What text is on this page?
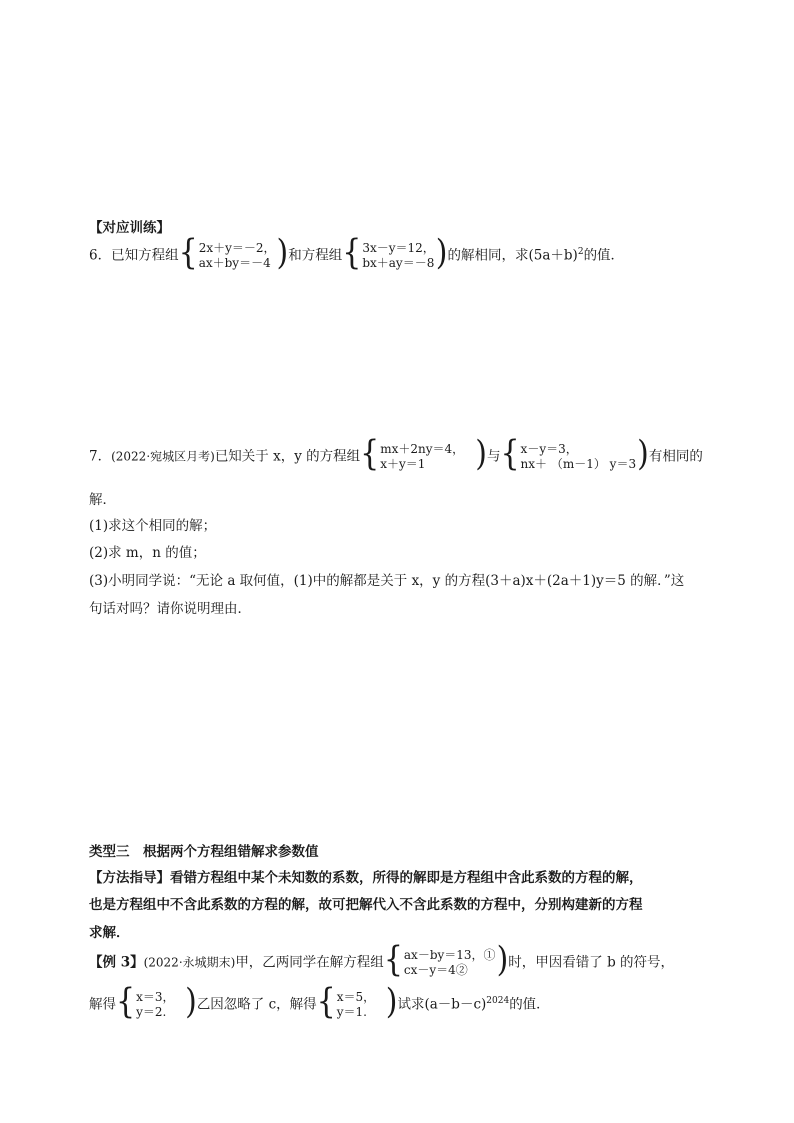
【对应训练】
6．已知方程组 { 2x＋y＝－2，
ax＋by＝－4 ) 和方程组 { 3x－y＝12，
bx＋ay＝－8 ) 的解相同，求$(5a+b)^2$的值．
7．(2022·宛城区月考)已知关于 x，y 的方程组 { mx＋2ny＝4，
x＋y＝1	) 与 { x－y＝3，
nx＋ （m－1） y＝3 ) 有相同的
解．
(1)求这个相同的解；
(2)求 m，n 的值；
(3)小明同学说：“无论 a 取何值，(1)中的解都是关于 x，y 的方程(3＋a)x＋(2a＋1)y＝5 的解．”这
句话对吗？请你说明理由．
类型三　根据两个方程组错解求参数值
【方法指导】看错方程组中某个未知数的系数，所得的解即是方程组中含此系数的方程的解，
也是方程组中不含此系数的方程的解，故可把解代入不含此系数的方程中，分别构建新的方程
求解．
【例 3】(2022·永城期末)甲，乙两同学在解方程组 { ax－by＝13，①
cx－y＝4② ) 时，甲因看错了 b 的符号，
解得 { x＝3，
y＝2. ) 乙因忽略了 c，解得 { x＝5，
y＝1. ) 试求$(a-b-c)^{2024}$的值．
